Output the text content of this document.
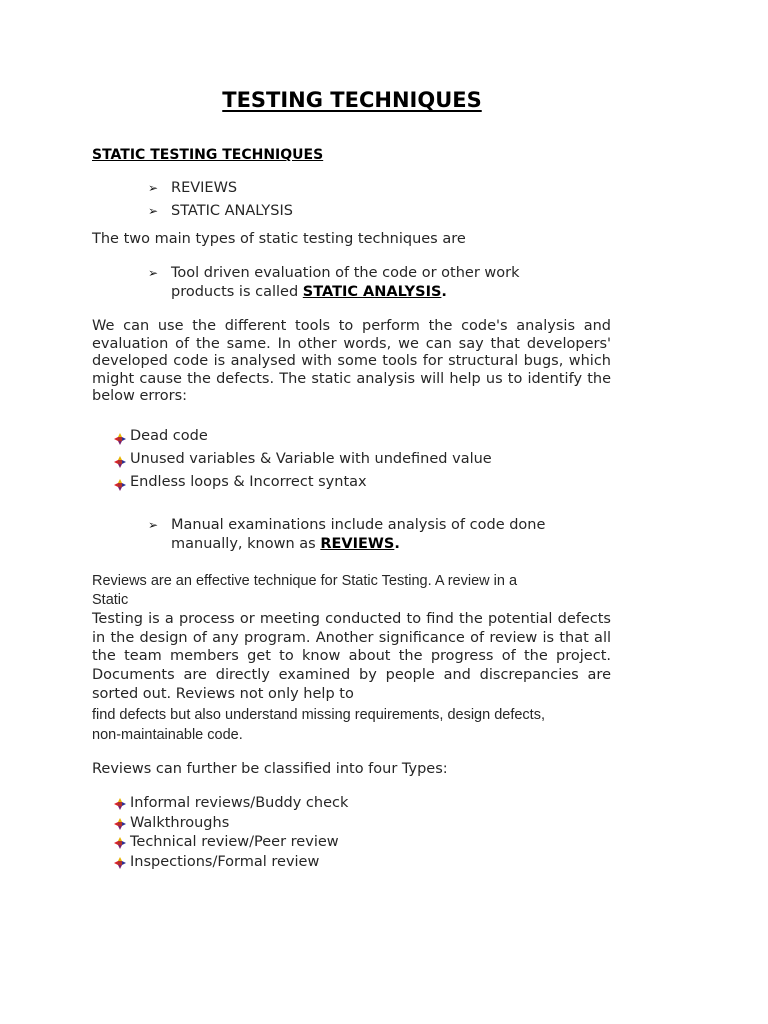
TESTING TECHNIQUES
STATIC TESTING TECHNIQUES
➢ REVIEWS
➢ STATIC ANALYSIS

The two main types of static testing techniques are

➢ Tool driven evaluation of the code or other work products is called STATIC ANALYSIS.

We can use the different tools to perform the code's analysis and evaluation of the same. In other words, we can say that developers' developed code is analysed with some tools for structural bugs, which might cause the defects. The static analysis will help us to identify the below errors:

Dead code
Unused variables & Variable with undefined value
Endless loops & Incorrect syntax
➢ Manual examinations include analysis of code done manually, known as REVIEWS.

Reviews are an effective technique for Static Testing. A review in a

Static

Testing is a process or meeting conducted to find the potential defects in the design of any program. Another significance of review is that all the team members get to know about the progress of the project. Documents are directly examined by people and discrepancies are sorted out. Reviews not only help to

find defects but also understand missing requirements, design defects,

non-maintainable code.

Reviews can further be classified into four Types:

Informal reviews/Buddy check
Walkthroughs
Technical review/Peer review
Inspections/Formal review
